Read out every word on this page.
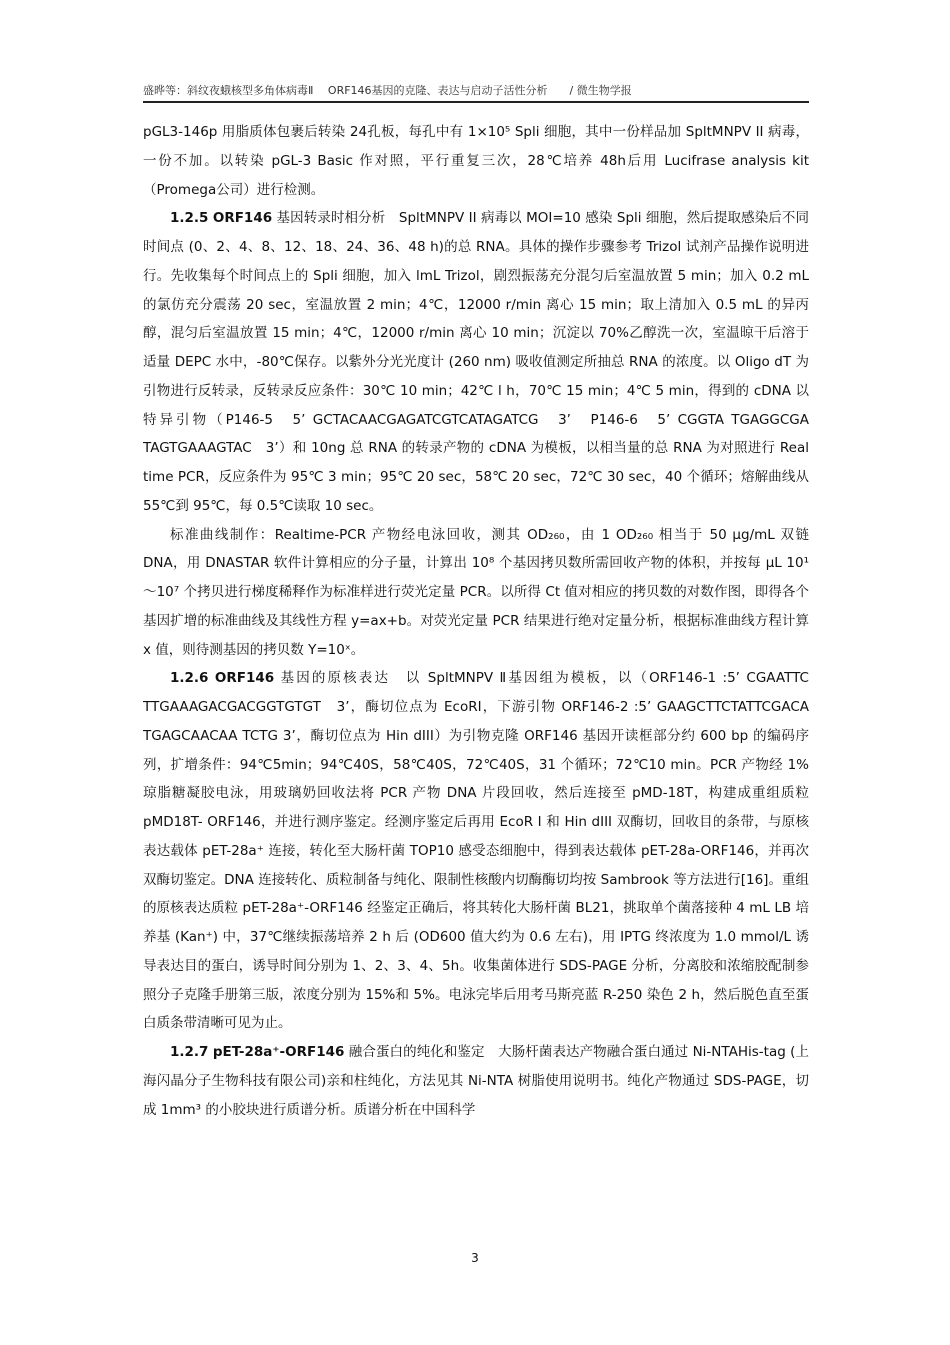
盛晔等：斜纹夜蛾核型多角体病毒Ⅱ　 ORF146基因的克隆、表达与启动子活性分析　　/ 微生物学报

pGL3-146p 用脂质体包裹后转染 24孔板，每孔中有 1×10⁵ Spli 细胞，其中一份样品加 SpltMNPV II 病毒，一份不加。以转染 pGL-3 Basic 作对照，平行重复三次，28℃培养 48h后用 Lucifrase analysis kit （Promega公司）进行检测。

1.2.5 ORF146 基因转录时相分析　SpltMNPV II 病毒以 MOI=10 感染 Spli 细胞，然后提取感染后不同时间点 (0、2、4、8、12、18、24、36、48 h)的总 RNA。具体的操作步骤参考 Trizol 试剂产品操作说明进行。先收集每个时间点上的 Spli 细胞，加入 lmL Trizol，剧烈振荡充分混匀后室温放置 5 min；加入 0.2 mL 的氯仿充分震荡 20 sec，室温放置 2 min；4℃，12000 r/min 离心 15 min；取上清加入 0.5 mL 的异丙醇，混匀后室温放置 15 min；4℃，12000 r/min 离心 10 min；沉淀以 70%乙醇洗一次，室温晾干后溶于适量 DEPC 水中，-80℃保存。以紫外分光光度计 (260 nm) 吸收值测定所抽总 RNA 的浓度。以 Oligo dT 为引物进行反转录，反转录反应条件：30℃ 10 min；42℃ l h，70℃ 15 min；4℃ 5 min，得到的 cDNA 以特异引物（P146-5　5’ GCTACAACGAGATCGTCATAGATCG　3’　P146-6　5’ CGGTA TGAGGCGA TAGTGAAAGTAC　3’）和 10ng 总 RNA 的转录产物的 cDNA 为模板，以相当量的总 RNA 为对照进行 Real time PCR，反应条件为 95℃ 3 min；95℃ 20 sec，58℃ 20 sec，72℃ 30 sec，40 个循环；熔解曲线从 55℃到 95℃，每 0.5℃读取 10 sec。

标准曲线制作：Realtime-PCR 产物经电泳回收，测其 OD₂₆₀，由 1 OD₂₆₀ 相当于 50 μg/mL 双链 DNA，用 DNASTAR 软件计算相应的分子量，计算出 10⁸ 个基因拷贝数所需回收产物的体积，并按每 μL 10¹～10⁷ 个拷贝进行梯度稀释作为标准样进行荧光定量 PCR。以所得 Ct 值对相应的拷贝数的对数作图，即得各个基因扩增的标准曲线及其线性方程 y=ax+b。对荧光定量 PCR 结果进行绝对定量分析，根据标准曲线方程计算 x 值，则待测基因的拷贝数 Y=10ˣ。

1.2.6 ORF146 基因的原核表达　以 SpltMNPV Ⅱ基因组为模板，以（ORF146-1 :5’ CGAATTC TTGAAAGACGACGGTGTGT　3’，酶切位点为 EcoRI，下游引物 ORF146-2 :5’ GAAGCTTCTATTCGACA TGAGCAACAA TCTG 3’，酶切位点为 Hin dIII）为引物克隆 ORF146 基因开读框部分约 600 bp 的编码序列，扩增条件：94℃5min；94℃40S，58℃40S，72℃40S，31 个循环；72℃10 min。PCR 产物经 1%琼脂糖凝胶电泳，用玻璃奶回收法将 PCR 产物 DNA 片段回收，然后连接至 pMD-18T，构建成重组质粒 pMD18T- ORF146，并进行测序鉴定。经测序鉴定后再用 EcoR I 和 Hin dIII 双酶切，回收目的条带，与原核表达载体 pET-28a⁺ 连接，转化至大肠杆菌 TOP10 感受态细胞中，得到表达载体 pET-28a-ORF146，并再次双酶切鉴定。DNA 连接转化、质粒制备与纯化、限制性核酸内切酶酶切均按 Sambrook 等方法进行[16]。重组的原核表达质粒 pET-28a⁺-ORF146 经鉴定正确后，将其转化大肠杆菌 BL21，挑取单个菌落接种 4 mL LB 培养基 (Kan⁺) 中，37℃继续振荡培养 2 h 后 (OD600 值大约为 0.6 左右)，用 IPTG 终浓度为 1.0 mmol/L 诱导表达目的蛋白，诱导时间分别为 1、2、3、4、5h。收集菌体进行 SDS-PAGE 分析，分离胶和浓缩胶配制参照分子克隆手册第三版，浓度分别为 15%和 5%。电泳完毕后用考马斯亮蓝 R-250 染色 2 h，然后脱色直至蛋白质条带清晰可见为止。

1.2.7 pET-28a⁺-ORF146 融合蛋白的纯化和鉴定　大肠杆菌表达产物融合蛋白通过 Ni-NTAHis-tag (上海闪晶分子生物科技有限公司)亲和柱纯化，方法见其 Ni-NTA 树脂使用说明书。纯化产物通过 SDS-PAGE，切成 1mm³ 的小胶块进行质谱分析。质谱分析在中国科学

3
